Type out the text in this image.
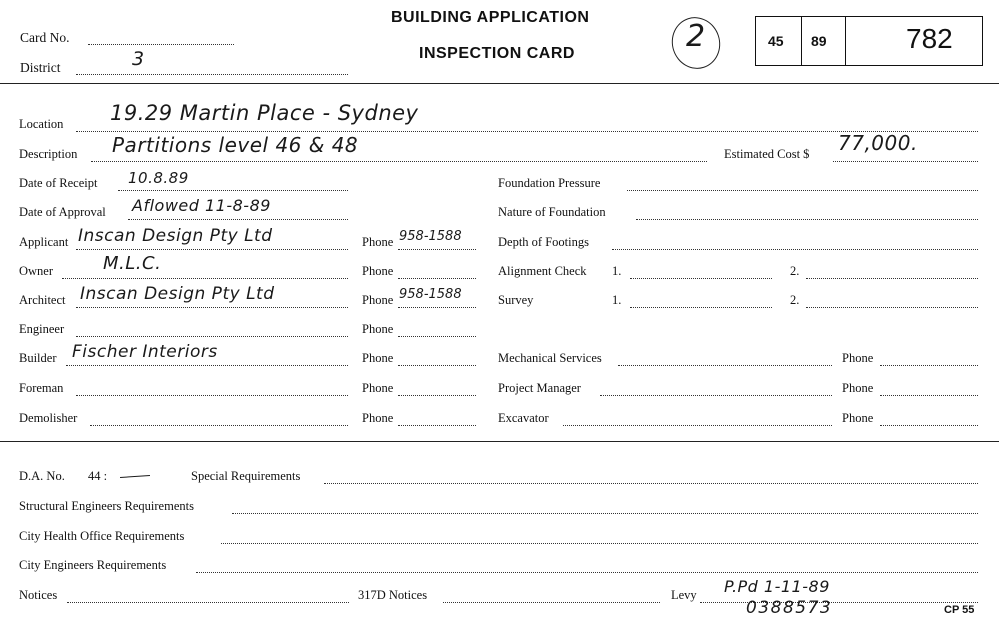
Card No.
District	3
BUILDING APPLICATION
INSPECTION CARD	2	45 89	782
Location 19.29 Martin Place - Sydney
Description Partitions level 46 & 48	Estimated Cost $ 77,000.
Date of Receipt 10.8.89
Date of Approval Aflowed 11-8-89
Applicant Inscan Design Pty Ltd	Phone 958-1588
Owner	M.L.C.	Phone
Architect Inscan Design Pty Ltd	Phone 958-1588
Engineer	Phone
Builder Fischer Interiors	Phone
Foreman	Phone
Demolisher	Phone
Foundation Pressure
Nature of Foundation
Depth of Footings
Alignment Check 1.	2.
Survey	1.	2.
Mechanical Services	Phone
Project Manager	Phone
Excavator	Phone
D.A. No. 44 :	Special Requirements
Structural Engineers Requirements
City Health Office Requirements
City Engineers Requirements
Notices	317D Notices	Levy P.Pd 1-11-89
0388573	CP 55
